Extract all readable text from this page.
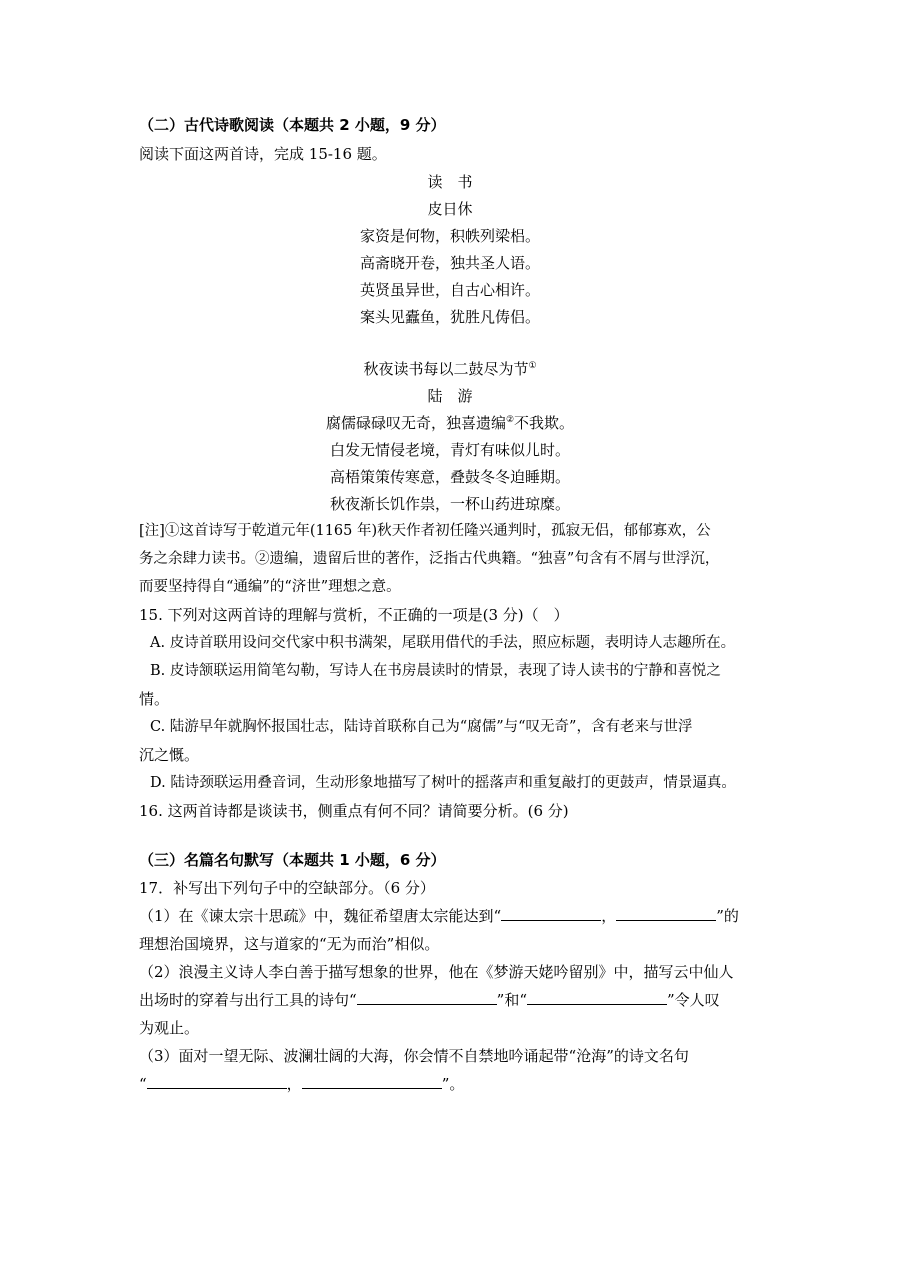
（二）古代诗歌阅读（本题共 2 小题，9 分）
阅读下面这两首诗，完成 15-16 题。
读　书
皮日休
家资是何物，积帙列梁梠。
高斋晓开卷，独共圣人语。
英贤虽异世，自古心相许。
案头见蠹鱼，犹胜凡俦侣。
秋夜读书每以二鼓尽为节①
陆　游
腐儒碌碌叹无奇，独喜遗编②不我欺。
白发无情侵老境，青灯有味似儿时。
高梧策策传寒意，叠鼓冬冬迫睡期。
秋夜渐长饥作祟，一杯山药进琼糜。
[注]①这首诗写于乾道元年(1165 年)秋天作者初任隆兴通判时，孤寂无侣，郁郁寡欢，公
务之余肆力读书。②遗编，遗留后世的著作，泛指古代典籍。“独喜”句含有不屑与世浮沉，
而要坚持得自“通编”的“济世”理想之意。
15. 下列对这两首诗的理解与赏析，不正确的一项是(3 分)（　）
A. 皮诗首联用设问交代家中积书满架，尾联用借代的手法，照应标题，表明诗人志趣所在。
B. 皮诗颔联运用简笔勾勒，写诗人在书房晨读时的情景，表现了诗人读书的宁静和喜悦之
情。
C. 陆游早年就胸怀报国壮志，陆诗首联称自己为“腐儒”与“叹无奇”，含有老来与世浮
沉之慨。
D. 陆诗颈联运用叠音词，生动形象地描写了树叶的摇落声和重复敲打的更鼓声，情景逼真。
16. 这两首诗都是谈读书，侧重点有何不同？请简要分析。(6 分)
（三）名篇名句默写（本题共 1 小题，6 分）
17．补写出下列句子中的空缺部分。（6 分）
（1）在《谏太宗十思疏》中，魏征希望唐太宗能达到“	，	”的
理想治国境界，这与道家的“无为而治”相似。
（2）浪漫主义诗人李白善于描写想象的世界，他在《梦游天姥吟留别》中，描写云中仙人
出场时的穿着与出行工具的诗句“	”和“	”令人叹
为观止。
（3）面对一望无际、波澜壮阔的大海，你会情不自禁地吟诵起带“沧海”的诗文名句
“	，	”。
